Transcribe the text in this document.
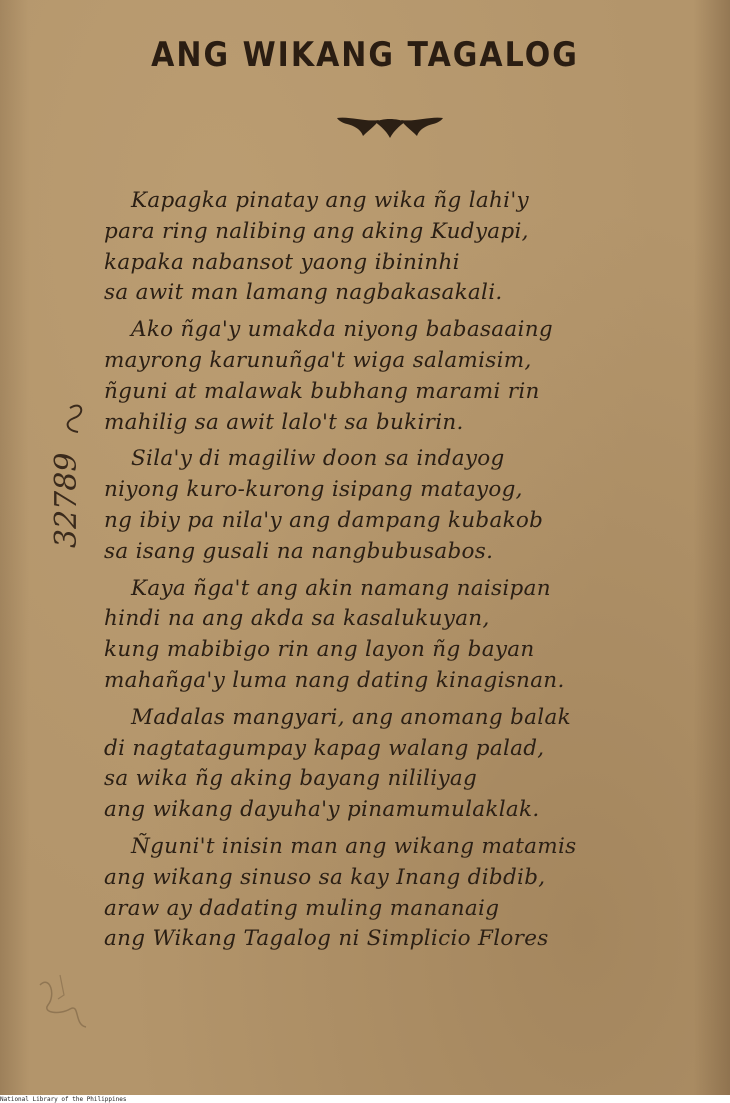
ANG WIKANG TAGALOG
Kapagka pinatay ang wika ñg lahi'y
para ring nalibing ang aking Kudyapi,
kapaka nabansot yaong ibininhi
sa awit man lamang nagbakasakali.
Ako ñga'y umakda niyong babasaaing
mayrong karunuñga't wiga salamisim,
ñguni at malawak bubhang marami rin
mahilig sa awit lalo't sa bukirin.
Sila'y di magiliw doon sa indayog
niyong kuro-kurong isipang matayog,
ng ibiy pa nila'y ang dampang kubakob
sa isang gusali na nangbubusabos.
Kaya ñga't ang akin namang naisipan
hindi na ang akda sa kasalukuyan,
kung mabibigo rin ang layon ñg bayan
mahañga'y luma nang dating kinagisnan.
Madalas mangyari, ang anomang balak
di nagtatagumpay kapag walang palad,
sa wika ñg aking bayang nililiyag
ang wikang dayuha'y pinamumulaklak.
Ñguni't inisin man ang wikang matamis
ang wikang sinuso sa kay Inang dibdib,
araw ay dadating muling mananaig
ang Wikang Tagalog ni Simplicio Flores
32789
National Library of the Philippines
